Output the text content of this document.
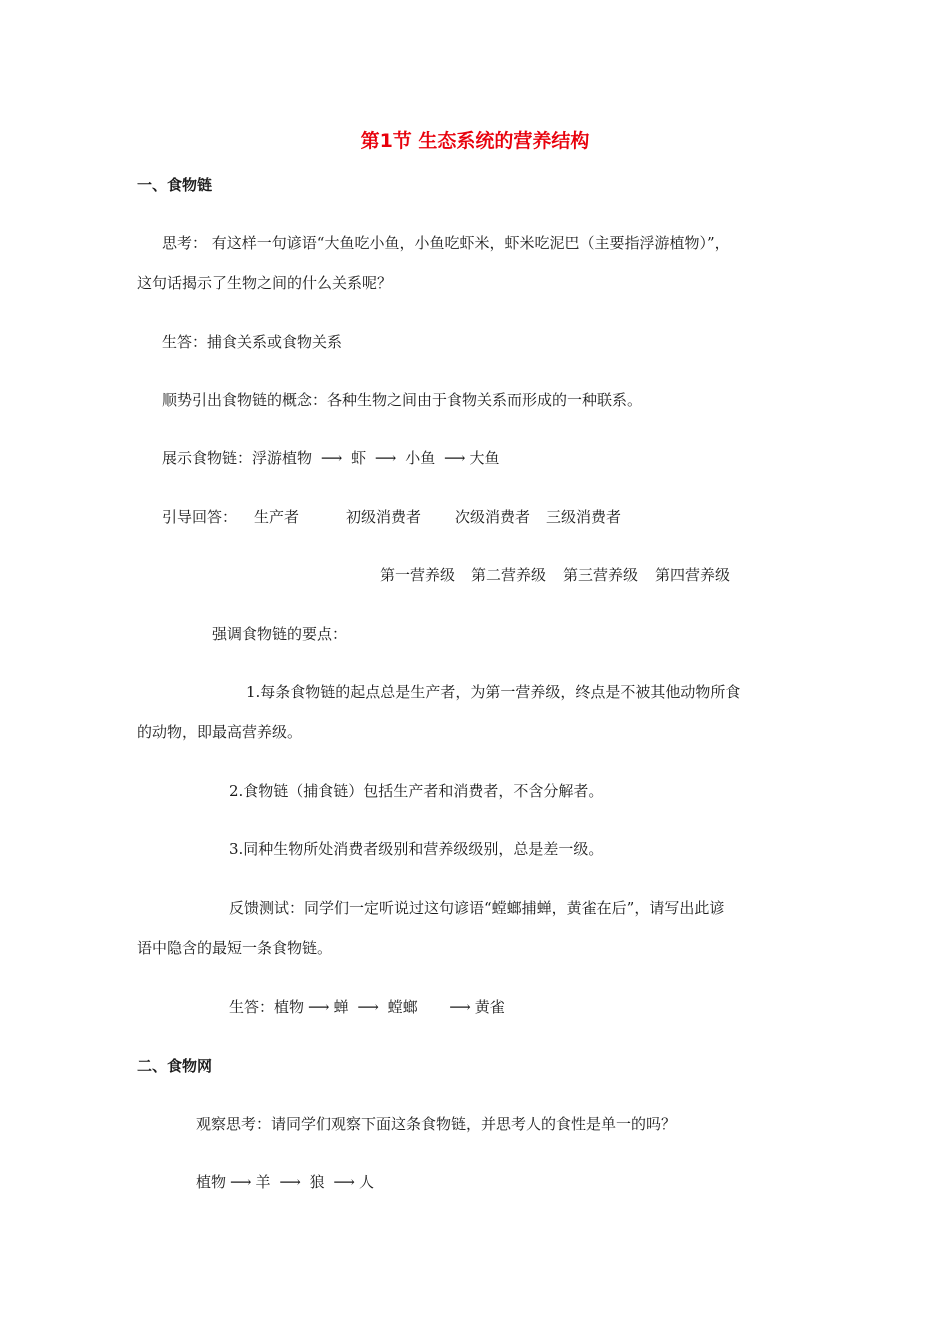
第1节 生态系统的营养结构
一、食物链
思考： 有这样一句谚语“大鱼吃小鱼，小鱼吃虾米，虾米吃泥巴（主要指浮游植物）”，
这句话揭示了生物之间的什么关系呢？
生答：捕食关系或食物关系
顺势引出食物链的概念：各种生物之间由于食物关系而形成的一种联系。
展示食物链：浮游植物 ⟶ 虾 ⟶ 小鱼 ⟶ 大鱼
引导回答： 生产者	初级消费者 次级消费者 三级消费者
第一营养级 第二营养级 第三营养级 第四营养级
强调食物链的要点：
1.每条食物链的起点总是生产者，为第一营养级，终点是不被其他动物所食
的动物，即最高营养级。
2.食物链（捕食链）包括生产者和消费者，不含分解者。
3.同种生物所处消费者级别和营养级级别，总是差一级。
反馈测试：同学们一定听说过这句谚语“螳螂捕蝉，黄雀在后”，请写出此谚
语中隐含的最短一条食物链。
生答：植物 ⟶ 蝉 ⟶ 螳螂 ⟶ 黄雀
二、食物网
观察思考：请同学们观察下面这条食物链，并思考人的食性是单一的吗？
植物 ⟶ 羊 ⟶ 狼 ⟶ 人
